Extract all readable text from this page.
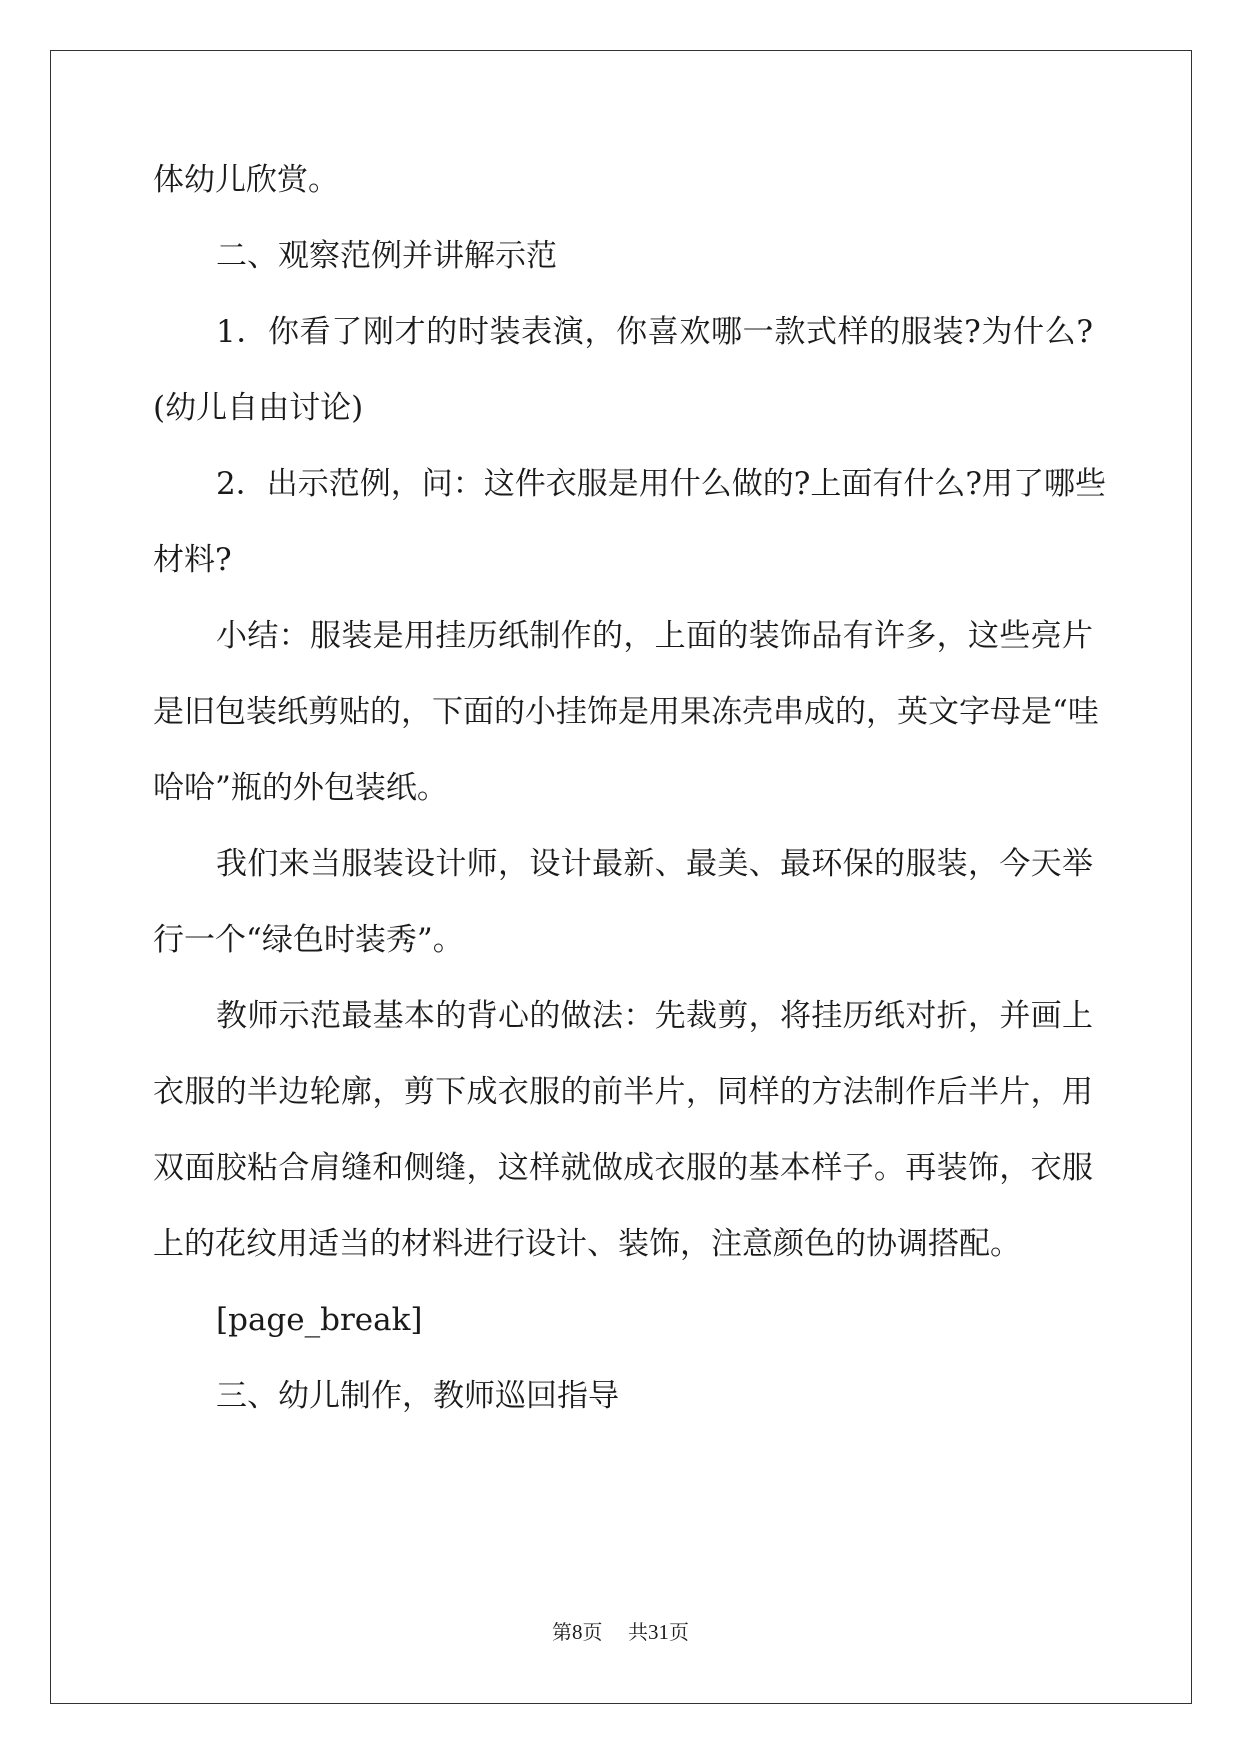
体幼儿欣赏。
二、观察范例并讲解示范
1．你看了刚才的时装表演，你喜欢哪一款式样的服装?为什么?
(幼儿自由讨论)
2．出示范例，问：这件衣服是用什么做的?上面有什么?用了哪些
材料?
小结：服装是用挂历纸制作的，上面的装饰品有许多，这些亮片
是旧包装纸剪贴的，下面的小挂饰是用果冻壳串成的，英文字母是“哇
哈哈”瓶的外包装纸。
我们来当服装设计师，设计最新、最美、最环保的服装，今天举
行一个“绿色时装秀”。
教师示范最基本的背心的做法：先裁剪，将挂历纸对折，并画上
衣服的半边轮廓，剪下成衣服的前半片，同样的方法制作后半片，用
双面胶粘合肩缝和侧缝，这样就做成衣服的基本样子。再装饰，衣服
上的花纹用适当的材料进行设计、装饰，注意颜色的协调搭配。
[page_break]
三、幼儿制作，教师巡回指导
第8页 共31页
